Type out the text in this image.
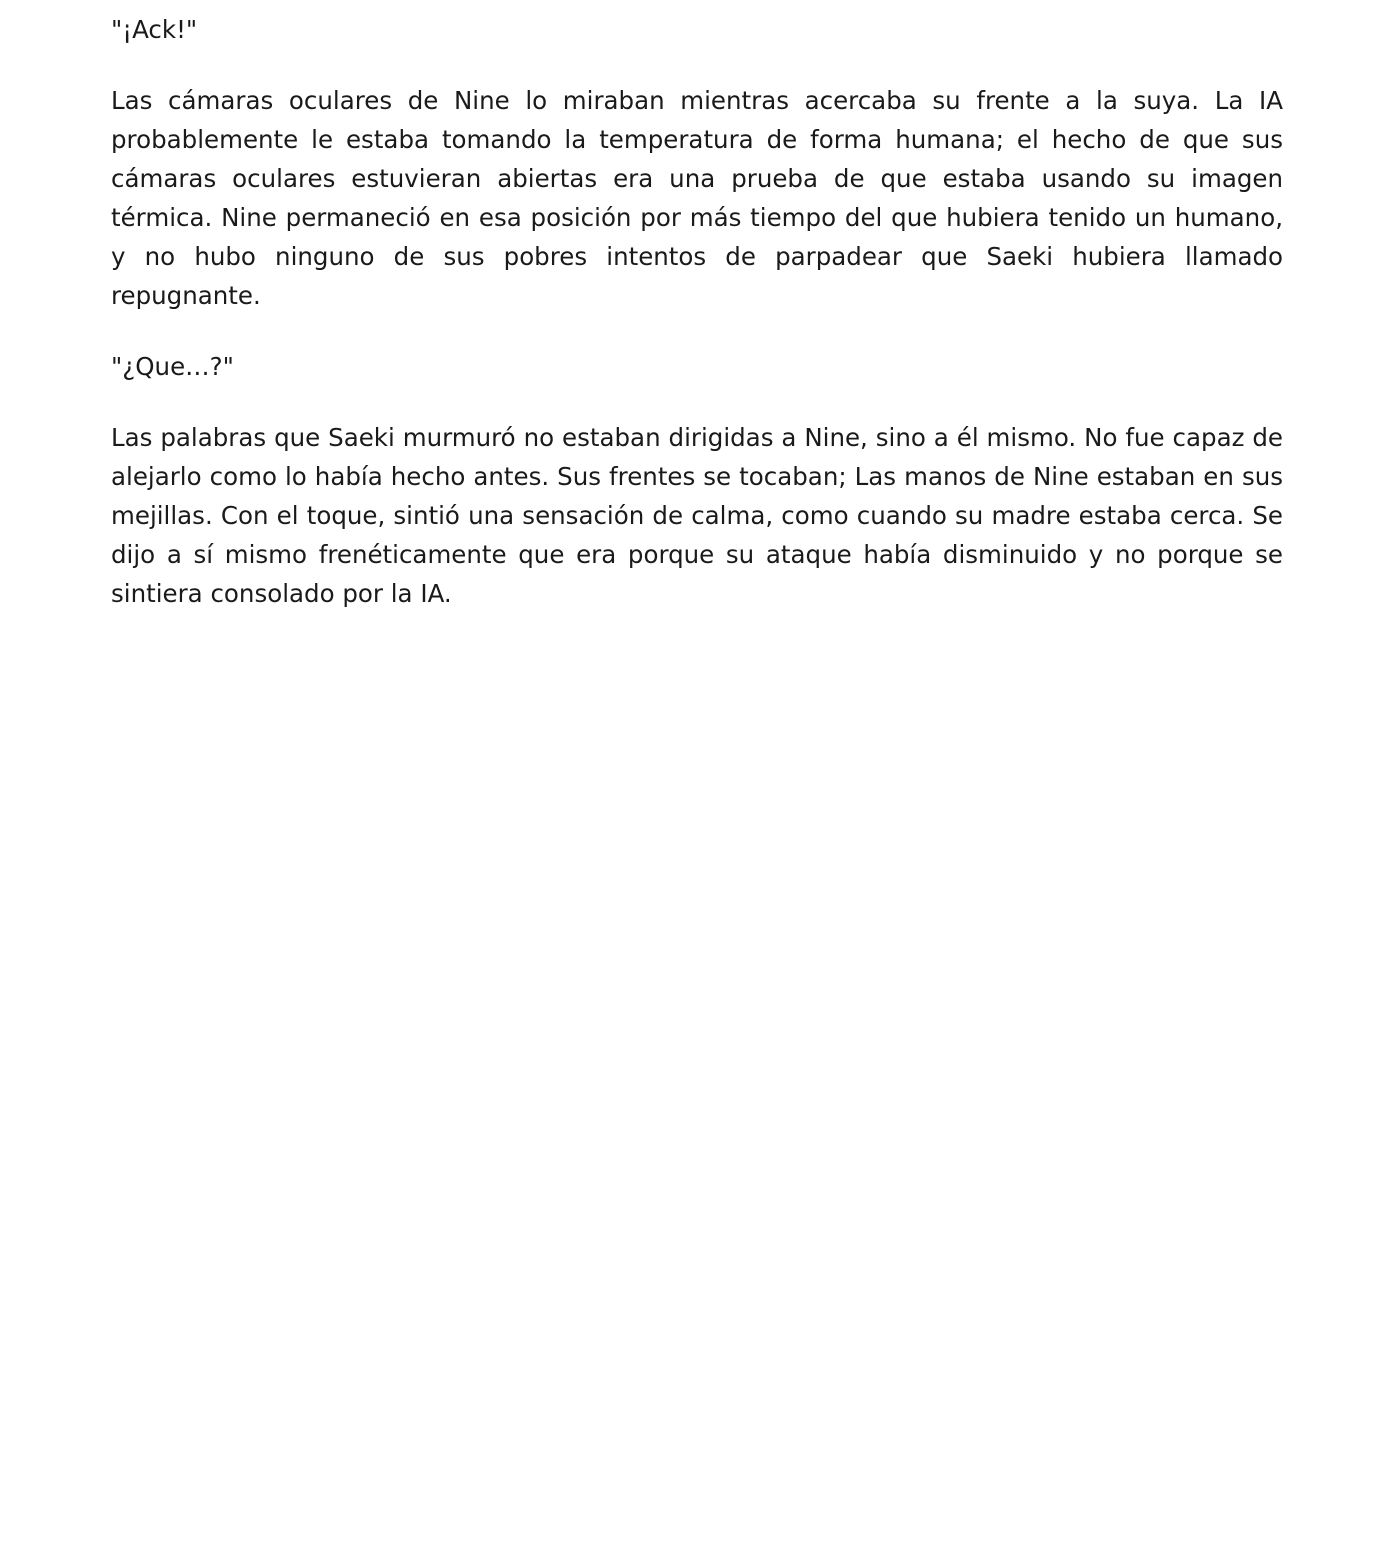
"¡Ack!"

Las cámaras oculares de Nine lo miraban mientras acercaba su frente a la suya. La IA probablemente le estaba tomando la temperatura de forma humana; el hecho de que sus cámaras oculares estuvieran abiertas era una prueba de que estaba usando su imagen térmica. Nine permaneció en esa posición por más tiempo del que hubiera tenido un humano, y no hubo ninguno de sus pobres intentos de parpadear que Saeki hubiera llamado repugnante.

"¿Que…?"

Las palabras que Saeki murmuró no estaban dirigidas a Nine, sino a él mismo. No fue capaz de alejarlo como lo había hecho antes. Sus frentes se tocaban; Las manos de Nine estaban en sus mejillas. Con el toque, sintió una sensación de calma, como cuando su madre estaba cerca. Se dijo a sí mismo frenéticamente que era porque su ataque había disminuido y no porque se sintiera consolado por la IA.
